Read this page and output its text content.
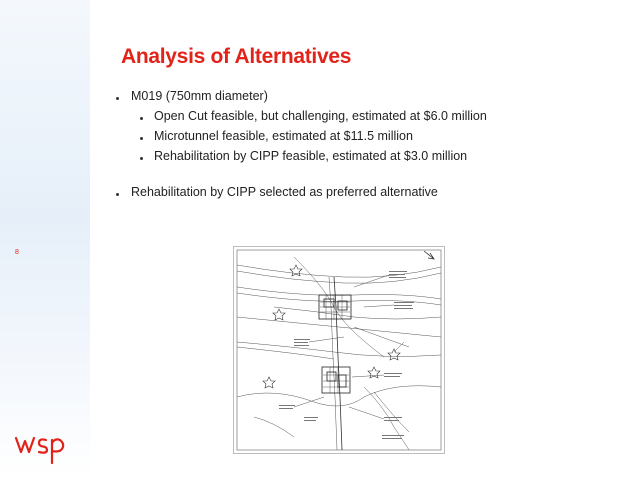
8
Analysis of Alternatives
M019 (750mm diameter)
Open Cut feasible, but challenging, estimated at $6.0 million
Microtunnel feasible, estimated at $11.5 million
Rehabilitation by CIPP feasible, estimated at $3.0 million
Rehabilitation by CIPP selected as preferred alternative
